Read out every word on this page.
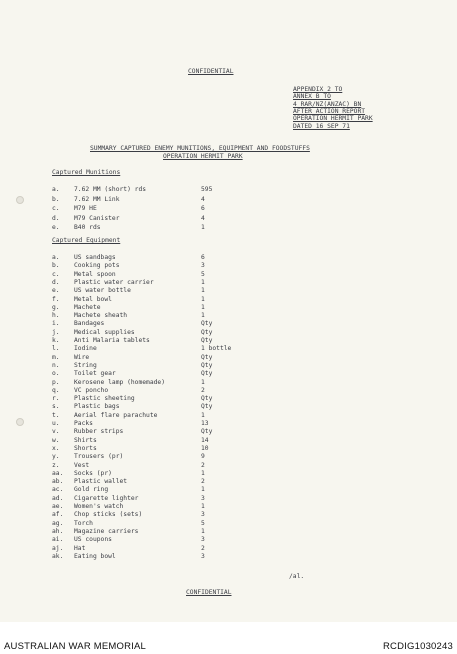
CONFIDENTIAL
APPENDIX 2 TO
ANNEX B TO
4 RAR/NZ(ANZAC) BN
AFTER ACTION REPORT
OPERATION HERMIT PARK
DATED 16 SEP 71
SUMMARY CAPTURED ENEMY MUNITIONS, EQUIPMENT AND FOODSTUFFS
OPERATION HERMIT PARK
Captured Munitions
a. 7.62 MM (short) rds	595
b. 7.62 MM Link	4
c. M79 HE	6
d. M79 Canister	4
e. B40 rds	1
Captured Equipment
a. US sandbags	6
b. Cooking pots	3
c. Metal spoon	5
d. Plastic water carrier	1
e. US water bottle	1
f. Metal bowl	1
g. Machete	1
h. Machete sheath	1
i. Bandages	Qty
j. Medical supplies	Qty
k. Anti Malaria tablets	Qty
l. Iodine	1 bottle
m. Wire	Qty
n. String	Qty
o. Toilet gear	Qty
p. Kerosene lamp (homemade)	1
q. VC poncho	2
r. Plastic sheeting	Qty
s. Plastic bags	Qty
t. Aerial flare parachute	1
u. Packs	13
v. Rubber strips	Qty
w. Shirts	14
x. Shorts	10
y. Trousers (pr)	9
z. Vest	2
aa. Socks (pr)	1
ab. Plastic wallet	2
ac. Gold ring	1
ad. Cigarette lighter	3
ae. Women's watch	1
af. Chop sticks (sets)	3
ag. Torch	5
ah. Magazine carriers	1
ai. US coupons	3
aj. Hat	2
ak. Eating bowl	3
/al.
CONFIDENTIAL
AUSTRALIAN WAR MEMORIAL	RCDIG1030243
